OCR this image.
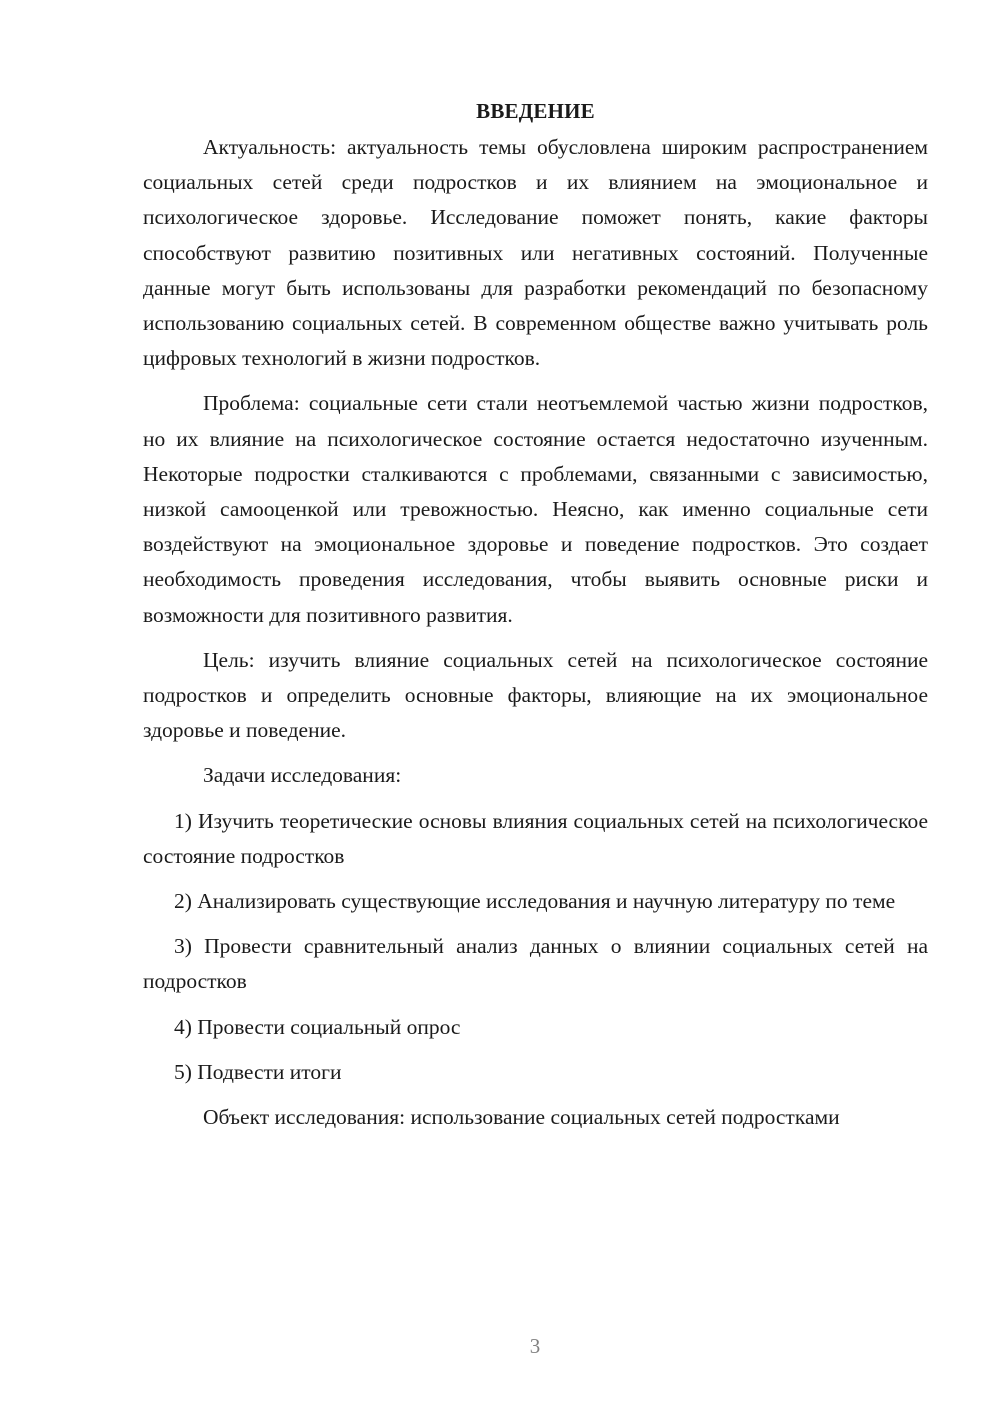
ВВЕДЕНИЕ

Актуальность: актуальность темы обусловлена широким распространением социальных сетей среди подростков и их влиянием на эмоциональное и психологическое здоровье. Исследование поможет понять, какие факторы способствуют развитию позитивных или негативных состояний. Полученные данные могут быть использованы для разработки рекомендаций по безопасному использованию социальных сетей. В современном обществе важно учитывать роль цифровых технологий в жизни подростков.

Проблема: социальные сети стали неотъемлемой частью жизни подростков, но их влияние на психологическое состояние остается недостаточно изученным. Некоторые подростки сталкиваются с проблемами, связанными с зависимостью, низкой самооценкой или тревожностью. Неясно, как именно социальные сети воздействуют на эмоциональное здоровье и поведение подростков. Это создает необходимость проведения исследования, чтобы выявить основные риски и возможности для позитивного развития.

Цель: изучить влияние социальных сетей на психологическое состояние подростков и определить основные факторы, влияющие на их эмоциональное здоровье и поведение.

Задачи исследования:

1) Изучить теоретические основы влияния социальных сетей на психологическое состояние подростков

2) Анализировать существующие исследования и научную литературу по теме

3) Провести сравнительный анализ данных о влиянии социальных сетей на подростков

4) Провести социальный опрос

5) Подвести итоги

Объект исследования: использование социальных сетей подростками

3
